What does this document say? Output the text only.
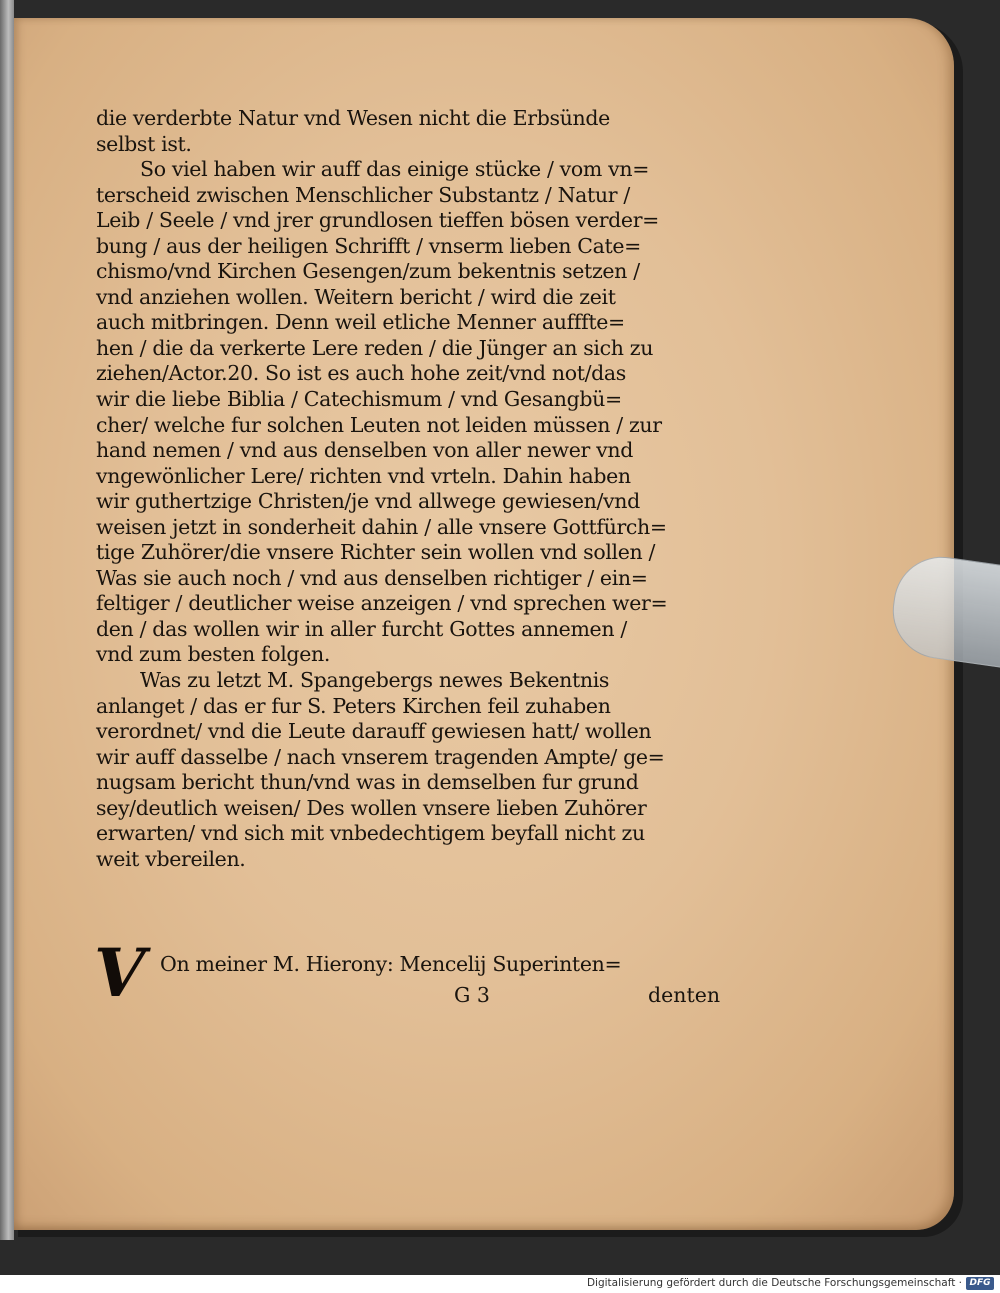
die verderbte Natur vnd Wesen nicht die Erbsünde
selbst ist.
So viel haben wir auff das einige stücke / vom vn=
terscheid zwischen Menschlicher Substantz / Natur /
Leib / Seele / vnd jrer grundlosen tieffen bösen verder=
bung / aus der heiligen Schrifft / vnserm lieben Cate=
chismo/vnd Kirchen Gesengen/zum bekentnis setzen /
vnd anziehen wollen. Weitern bericht / wird die zeit
auch mitbringen. Denn weil etliche Menner aufffte=
hen / die da verkerte Lere reden / die Jünger an sich zu
ziehen/Actor.20. So ist es auch hohe zeit/vnd not/das
wir die liebe Biblia / Catechismum / vnd Gesangbü=
cher/ welche fur solchen Leuten not leiden müssen / zur
hand nemen / vnd aus denselben von aller newer vnd
vngewönlicher Lere/ richten vnd vrteln. Dahin haben
wir guthertzige Christen/je vnd allwege gewiesen/vnd
weisen jetzt in sonderheit dahin / alle vnsere Gottfürch=
tige Zuhörer/die vnsere Richter sein wollen vnd sollen /
Was sie auch noch / vnd aus denselben richtiger / ein=
feltiger / deutlicher weise anzeigen / vnd sprechen wer=
den / das wollen wir in aller furcht Gottes annemen /
vnd zum besten folgen.
Was zu letzt M. Spangebergs newes Bekentnis
anlanget / das er fur S. Peters Kirchen feil zuhaben
verordnet/ vnd die Leute darauff gewiesen hatt/ wollen
wir auff dasselbe / nach vnserem tragenden Ampte/ ge=
nugsam bericht thun/vnd was in demselben fur grund
sey/deutlich weisen/ Des wollen vnsere lieben Zuhörer
erwarten/ vnd sich mit vnbedechtigem beyfall nicht zu
weit vbereilen.
V On meiner M. Hierony: Mencelij Superinten=
G 3	denten
Digitalisierung gefördert durch die Deutsche Forschungsgemeinschaft · DFG
